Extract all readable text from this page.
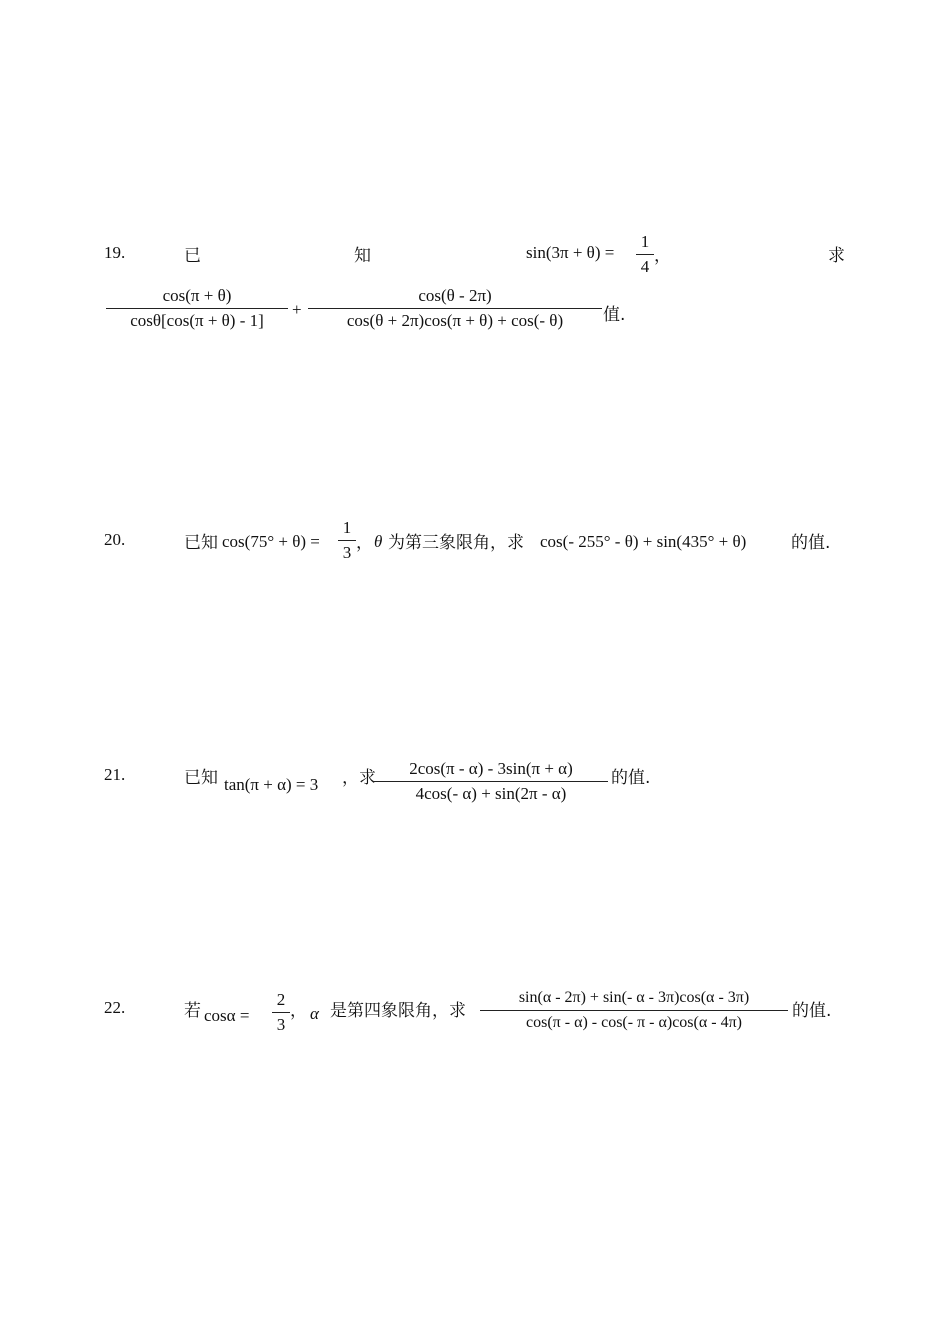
19.	已	知	sin(3π + θ) =
1
4
，	求
cos(π + θ)
cosθ[cos(π + θ) - 1]
+
cos(θ - 2π)
cos(θ + 2π)cos(π + θ) + cos(- θ)	值.
20.	已知 cos(75° + θ) =
1
3 ， θ 为第三象限角，求 cos(- 255° - θ) + sin(435° + θ)	的值.
21.	已知 tan(π + α) = 3 ，求	2cos(π - α) - 3sin(π + α)
4cos(- α) + sin(2π - α)
的值.
22.	若 cosα =
2
3
， α 是第四象限角，求
sin(α - 2π) + sin(- α - 3π)cos(α - 3π)
cos(π - α) - cos(- π - α)cos(α - 4π)
的值.
